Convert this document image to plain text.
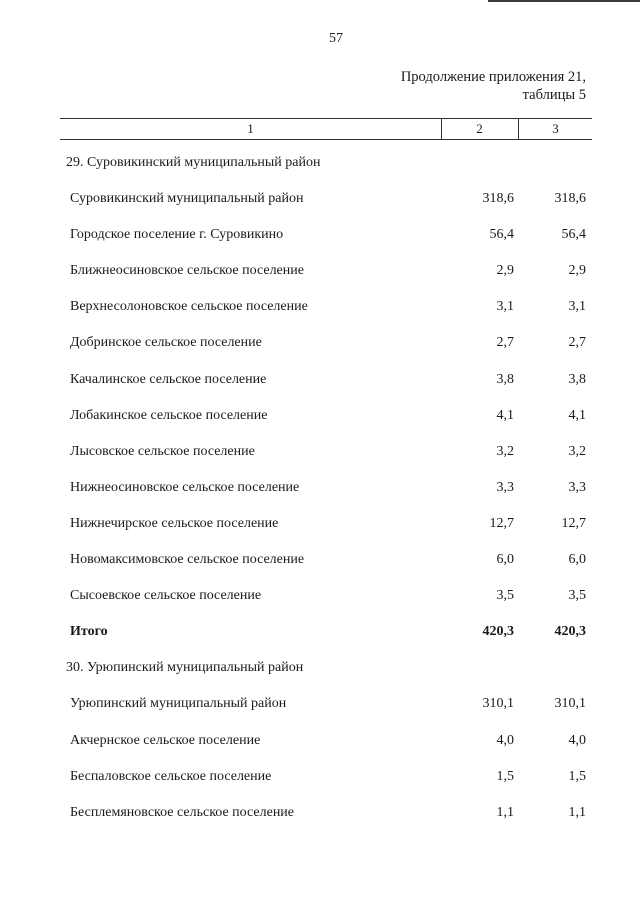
57
Продолжение приложения 21,
таблицы 5
1	2	3
29. Суровикинский муниципальный район
Суровикинский муниципальный район	318,6	318,6
Городское поселение г. Суровикино	56,4	56,4
Ближнеосиновское сельское поселение	2,9	2,9
Верхнесолоновское сельское поселение	3,1	3,1
Добринское сельское поселение	2,7	2,7
Качалинское сельское поселение	3,8	3,8
Лобакинское сельское поселение	4,1	4,1
Лысовское сельское поселение	3,2	3,2
Нижнеосиновское сельское поселение	3,3	3,3
Нижнечирское сельское поселение	12,7	12,7
Новомаксимовское сельское поселение	6,0	6,0
Сысоевское сельское поселение	3,5	3,5
Итого	420,3	420,3
30. Урюпинский муниципальный район
Урюпинский муниципальный район	310,1	310,1
Акчернское сельское поселение	4,0	4,0
Беспаловское сельское поселение	1,5	1,5
Бесплемяновское сельское поселение	1,1	1,1
